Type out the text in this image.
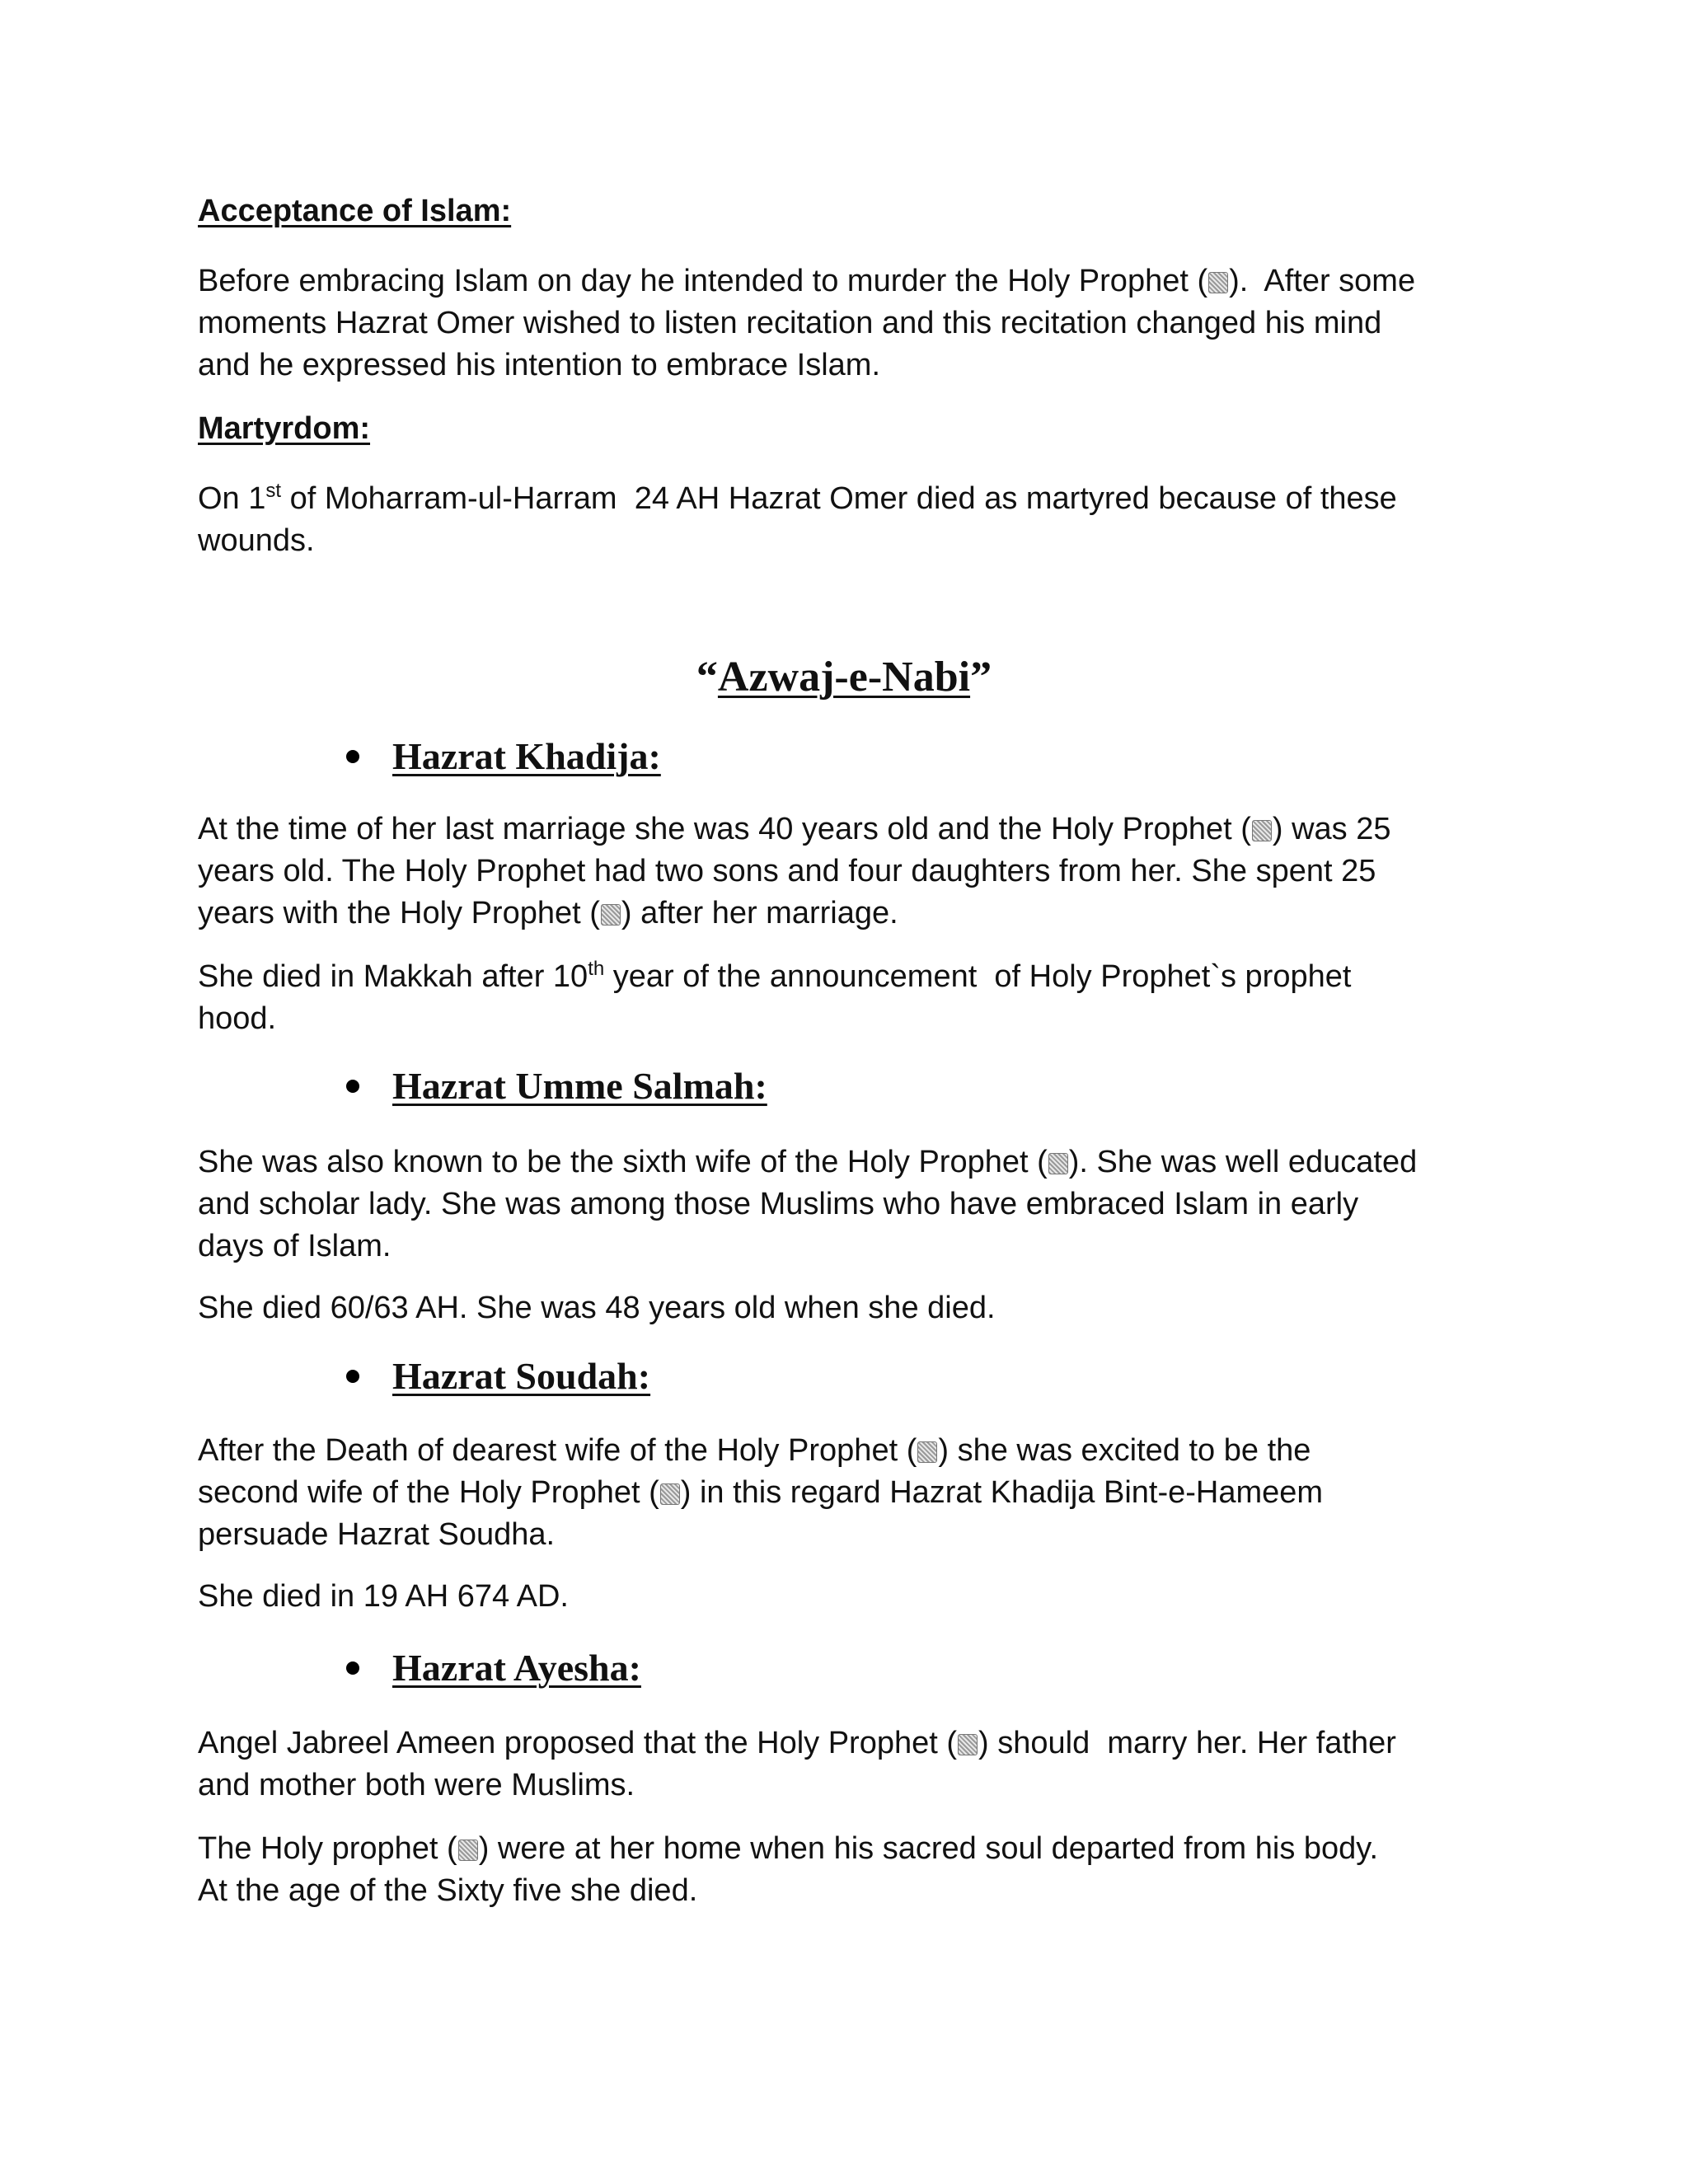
Acceptance of Islam:

Before embracing Islam on day he intended to murder the Holy Prophet ( ).  After some

moments Hazrat Omer wished to listen recitation and this recitation changed his mind

and he expressed his intention to embrace Islam.

Martyrdom:

On 1st of Moharram-ul-Harram  24 AH Hazrat Omer died as martyred because of these

wounds.

“Azwaj-e-Nabi”

Hazrat Khadija:

At the time of her last marriage she was 40 years old and the Holy Prophet ( ) was 25

years old. The Holy Prophet had two sons and four daughters from her. She spent 25

years with the Holy Prophet ( ) after her marriage.

She died in Makkah after 10th year of the announcement  of Holy Prophet`s prophet

hood.

Hazrat Umme Salmah:

She was also known to be the sixth wife of the Holy Prophet ( ). She was well educated

and scholar lady. She was among those Muslims who have embraced Islam in early

days of Islam.

She died 60/63 AH. She was 48 years old when she died.

Hazrat Soudah:

After the Death of dearest wife of the Holy Prophet ( ) she was excited to be the

second wife of the Holy Prophet ( ) in this regard Hazrat Khadija Bint-e-Hameem

persuade Hazrat Soudha.

She died in 19 AH 674 AD.

Hazrat Ayesha:

Angel Jabreel Ameen proposed that the Holy Prophet ( ) should  marry her. Her father

and mother both were Muslims.

The Holy prophet ( ) were at her home when his sacred soul departed from his body.

At the age of the Sixty five she died.
